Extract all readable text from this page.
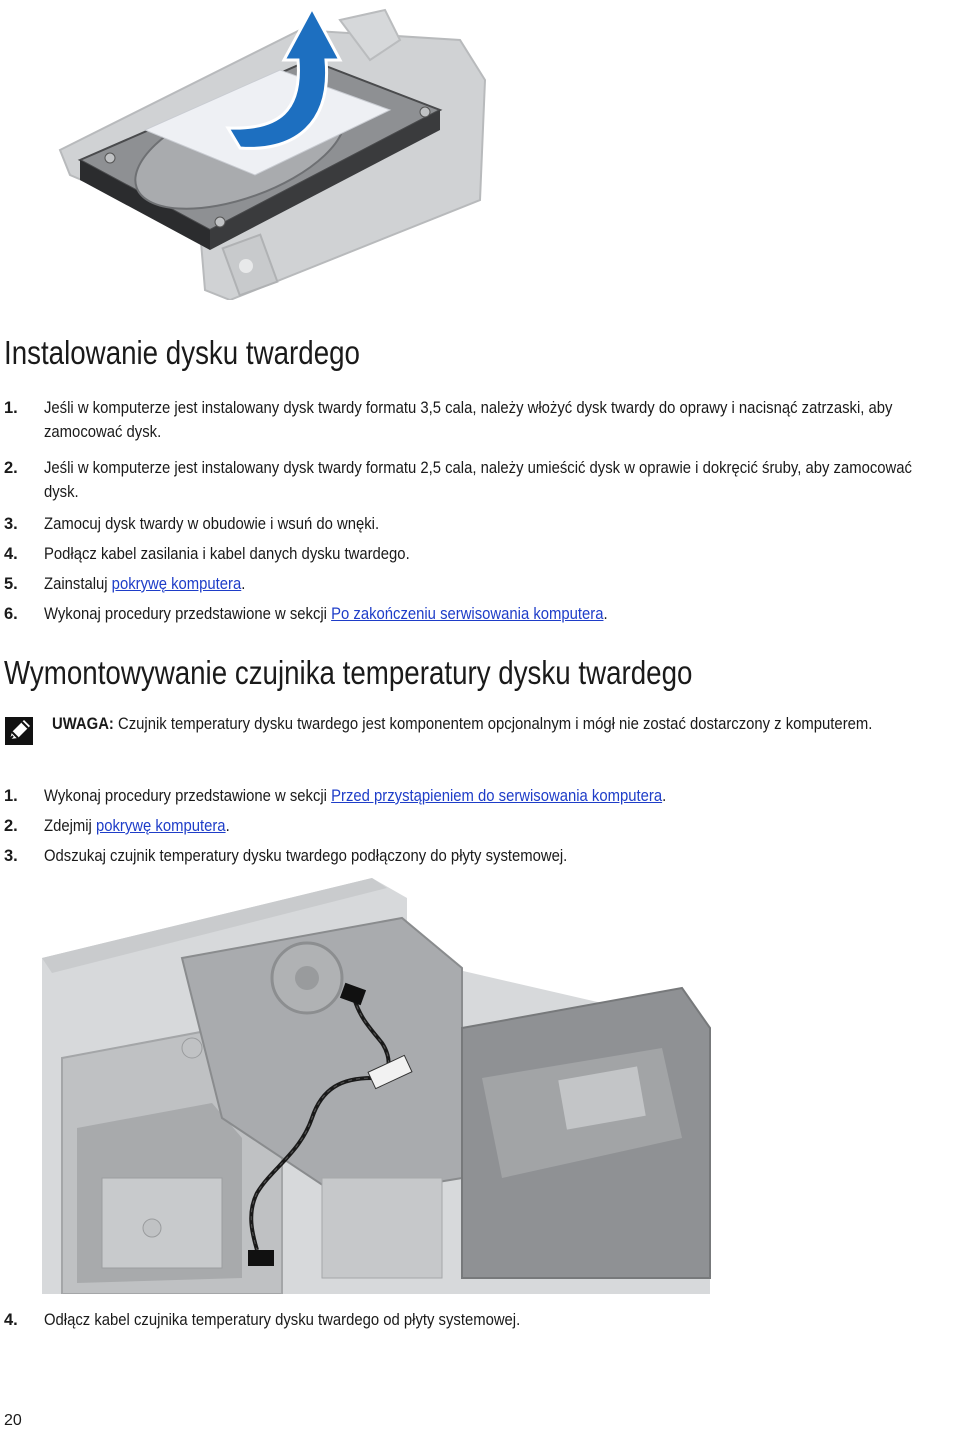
Instalowanie dysku twardego
1. Jeśli w komputerze jest instalowany dysk twardy formatu 3,5 cala, należy włożyć dysk twardy do oprawy i nacisnąć zatrzaski, aby zamocować dysk.
2. Jeśli w komputerze jest instalowany dysk twardy formatu 2,5 cala, należy umieścić dysk w oprawie i dokręcić śruby, aby zamocować dysk.
3. Zamocuj dysk twardy w obudowie i wsuń do wnęki.
4. Podłącz kabel zasilania i kabel danych dysku twardego.
5. Zainstaluj pokrywę komputera.
6. Wykonaj procedury przedstawione w sekcji Po zakończeniu serwisowania komputera.
Wymontowywanie czujnika temperatury dysku twardego
UWAGA: Czujnik temperatury dysku twardego jest komponentem opcjonalnym i mógł nie zostać dostarczony z komputerem.
1. Wykonaj procedury przedstawione w sekcji Przed przystąpieniem do serwisowania komputera.
2. Zdejmij pokrywę komputera.
3. Odszukaj czujnik temperatury dysku twardego podłączony do płyty systemowej.
4. Odłącz kabel czujnika temperatury dysku twardego od płyty systemowej.
20
